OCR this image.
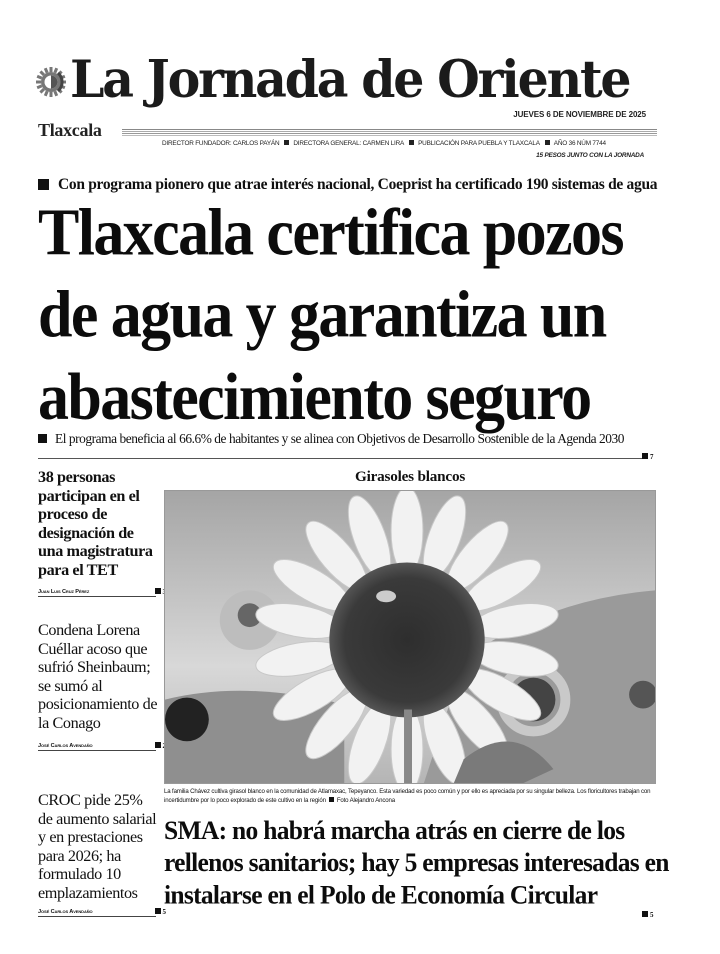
La Jornada de Oriente
JUEVES 6 DE NOVIEMBRE DE 2025
Tlaxcala
DIRECTOR FUNDADOR: CARLOS PAYÁN DIRECTORA GENERAL: CARMEN LIRA PUBLICACIÓN PARA PUEBLA Y TLAXCALA AÑO 36 NÚM 7744
15 PESOS JUNTO CON LA JORNADA
Con programa pionero que atrae interés nacional, Coeprist ha certificado 190 sistemas de agua
Tlaxcala certifica pozos de agua y garantiza un abastecimiento seguro
El programa beneficia al 66.6% de habitantes y se alinea con Objetivos de Desarrollo Sostenible de la Agenda 2030
7
38 personas participan en el proceso de designación de una magistratura para el TET
Juan Luis Cruz Pérez
Condena Lorena Cuéllar acoso que sufrió Sheinbaum; se sumó al posicionamiento de la Conago
José Carlos Avendaño
CROC pide 25% de aumento salarial y en prestaciones para 2026; ha formulado 10 emplazamientos
José Carlos Avendaño	5
Girasoles blancos
La familia Chávez cultiva girasol blanco en la comunidad de Atlamaxac, Tepeyanco. Esta variedad es poco común y por ello es apreciada por su singular belleza. Los floricultores trabajan con incertidumbre por lo poco explorado de este cultivo en la región Foto Alejandro Ancona
SMA: no habrá marcha atrás en cierre de los rellenos sanitarios; hay 5 empresas interesadas en instalarse en el Polo de Economía Circular
5
